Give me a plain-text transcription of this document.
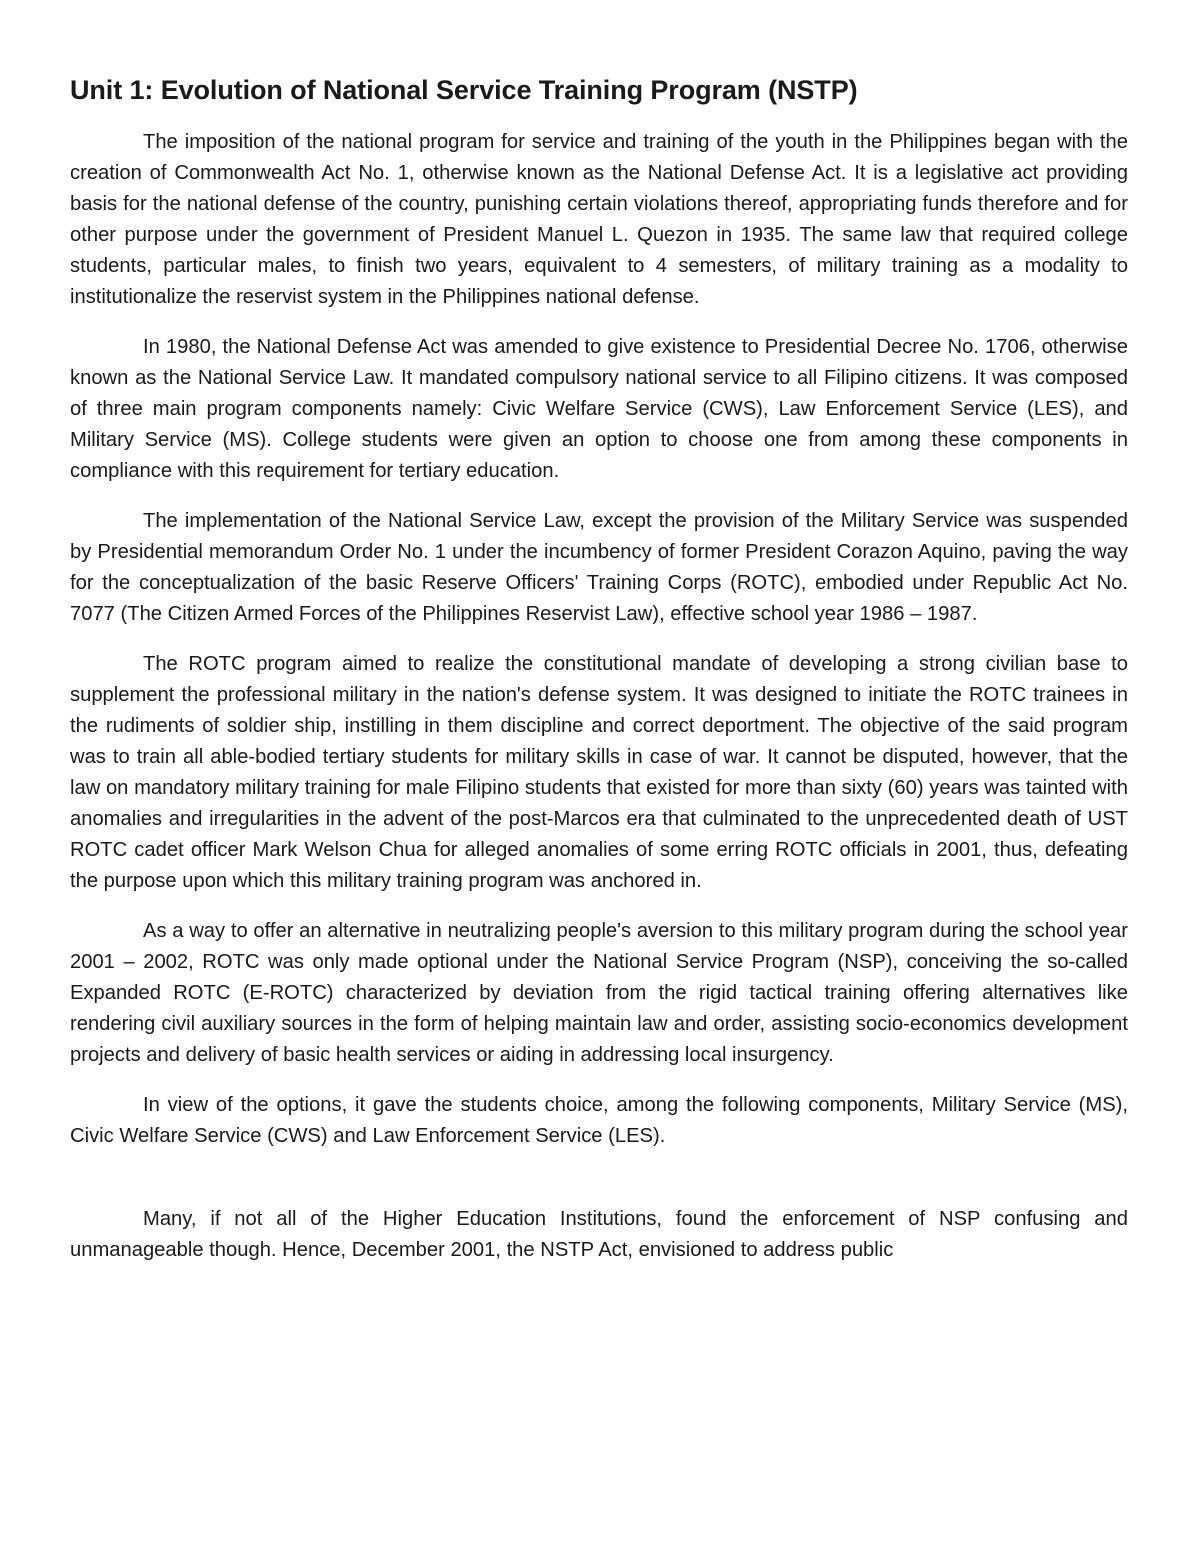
Unit 1: Evolution of National Service Training Program (NSTP)

The imposition of the national program for service and training of the youth in the Philippines began with the creation of Commonwealth Act No. 1, otherwise known as the National Defense Act. It is a legislative act providing basis for the national defense of the country, punishing certain violations thereof, appropriating funds therefore and for other purpose under the government of President Manuel L. Quezon in 1935. The same law that required college students, particular males, to finish two years, equivalent to 4 semesters, of military training as a modality to institutionalize the reservist system in the Philippines national defense.

In 1980, the National Defense Act was amended to give existence to Presidential Decree No. 1706, otherwise known as the National Service Law. It mandated compulsory national service to all Filipino citizens. It was composed of three main program components namely: Civic Welfare Service (CWS), Law Enforcement Service (LES), and Military Service (MS). College students were given an option to choose one from among these components in compliance with this requirement for tertiary education.

The implementation of the National Service Law, except the provision of the Military Service was suspended by Presidential memorandum Order No. 1 under the incumbency of former President Corazon Aquino, paving the way for the conceptualization of the basic Reserve Officers' Training Corps (ROTC), embodied under Republic Act No. 7077 (The Citizen Armed Forces of the Philippines Reservist Law), effective school year 1986 – 1987.

The ROTC program aimed to realize the constitutional mandate of developing a strong civilian base to supplement the professional military in the nation's defense system. It was designed to initiate the ROTC trainees in the rudiments of soldier ship, instilling in them discipline and correct deportment. The objective of the said program was to train all able-bodied tertiary students for military skills in case of war. It cannot be disputed, however, that the law on mandatory military training for male Filipino students that existed for more than sixty (60) years was tainted with anomalies and irregularities in the advent of the post-Marcos era that culminated to the unprecedented death of UST ROTC cadet officer Mark Welson Chua for alleged anomalies of some erring ROTC officials in 2001, thus, defeating the purpose upon which this military training program was anchored in.

As a way to offer an alternative in neutralizing people's aversion to this military program during the school year 2001 – 2002, ROTC was only made optional under the National Service Program (NSP), conceiving the so-called Expanded ROTC (E-ROTC) characterized by deviation from the rigid tactical training offering alternatives like rendering civil auxiliary sources in the form of helping maintain law and order, assisting socio-economics development projects and delivery of basic health services or aiding in addressing local insurgency.

In view of the options, it gave the students choice, among the following components, Military Service (MS), Civic Welfare Service (CWS) and Law Enforcement Service (LES).

Many, if not all of the Higher Education Institutions, found the enforcement of NSP confusing and unmanageable though. Hence, December 2001, the NSTP Act, envisioned to address public
